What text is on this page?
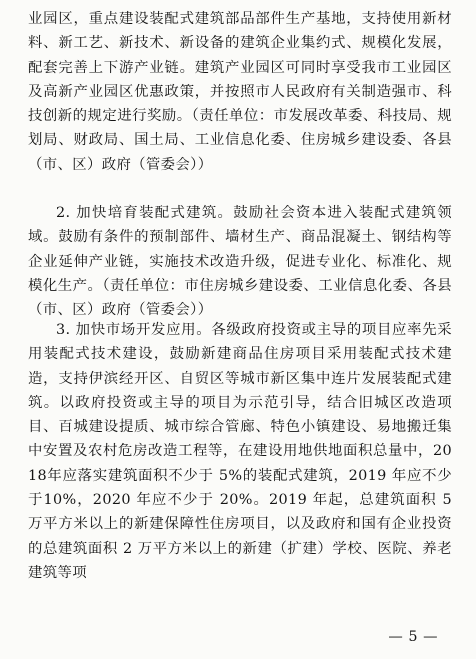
业园区，重点建设装配式建筑部品部件生产基地，支持使用新材料、新工艺、新技术、新设备的建筑企业集约式、规模化发展，配套完善上下游产业链。建筑产业园区可同时享受我市工业园区及高新产业园区优惠政策，并按照市人民政府有关制造强市、科技创新的规定进行奖励。（责任单位：市发展改革委、科技局、规划局、财政局、国土局、工业信息化委、住房城乡建设委、各县（市、区）政府（管委会））

2. 加快培育装配式建筑。鼓励社会资本进入装配式建筑领域。鼓励有条件的预制部件、墙材生产、商品混凝土、钢结构等企业延伸产业链，实施技术改造升级，促进专业化、标准化、规模化生产。（责任单位：市住房城乡建设委、工业信息化委、各县（市、区）政府（管委会））

3. 加快市场开发应用。各级政府投资或主导的项目应率先采用装配式技术建设，鼓励新建商品住房项目采用装配式技术建造，支持伊滨经开区、自贸区等城市新区集中连片发展装配式建筑。以政府投资或主导的项目为示范引导，结合旧城区改造项目、百城建设提质、城市综合管廊、特色小镇建设、易地搬迁集中安置及农村危房改造工程等，在建设用地供地面积总量中，2018年应落实建筑面积不少于 5%的装配式建筑，2019 年应不少于10%，2020 年应不少于 20%。2019 年起，总建筑面积 5 万平方米以上的新建保障性住房项目，以及政府和国有企业投资的总建筑面积 2 万平方米以上的新建（扩建）学校、医院、养老建筑等项

— 5 —
